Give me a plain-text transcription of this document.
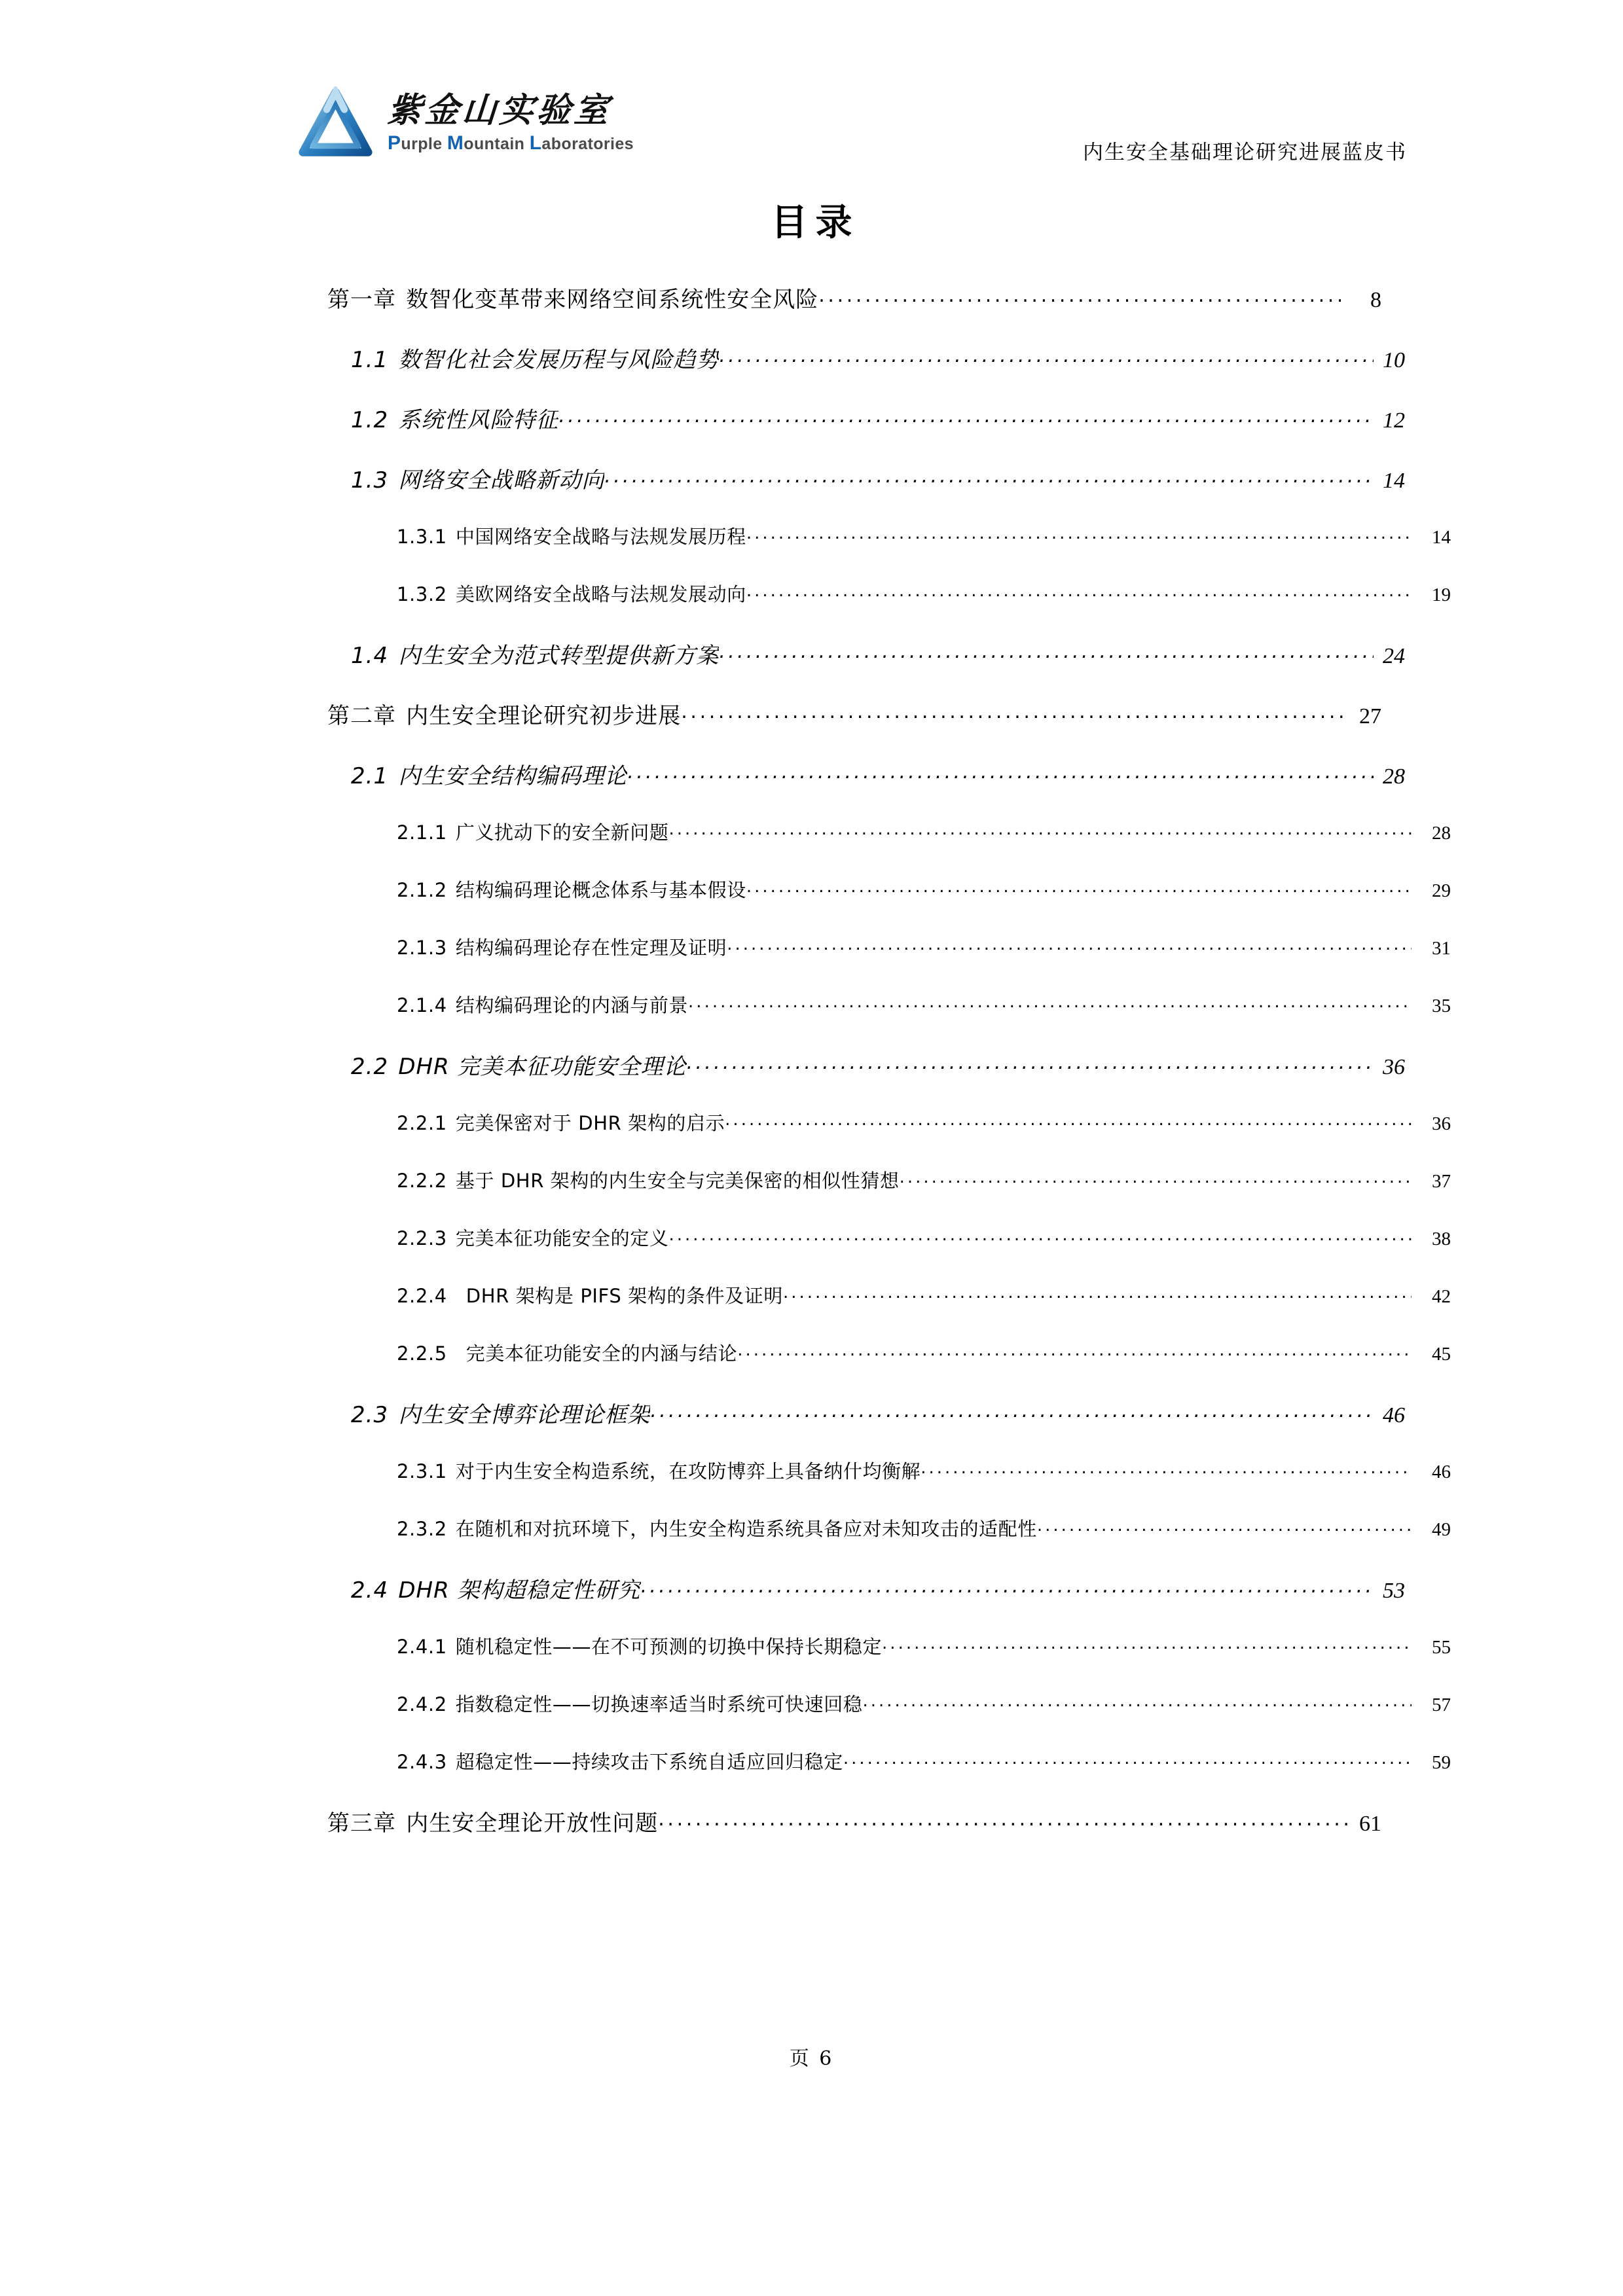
紫金山实验室
Purple Mountain Laboratories	内生安全基础理论研究进展蓝皮书
目录
第一章 数智化变革带来网络空间系统性安全风险 .....	8
1.1 数智化社会发展历程与风险趋势 .....	10
1.2 系统性风险特征 .....	12
1.3 网络安全战略新动向 .....	14
1.3.1 中国网络安全战略与法规发展历程 .....	14
1.3.2 美欧网络安全战略与法规发展动向 .....	19
1.4 内生安全为范式转型提供新方案 .....	24
第二章 内生安全理论研究初步进展 .....	27
2.1 内生安全结构编码理论 .....	28
2.1.1 广义扰动下的安全新问题 .....	28
2.1.2 结构编码理论概念体系与基本假设 .....	29
2.1.3 结构编码理论存在性定理及证明 .....	31
2.1.4 结构编码理论的内涵与前景 .....	35
2.2 DHR 完美本征功能安全理论 .....	36
2.2.1 完美保密对于 DHR 架构的启示 .....	36
2.2.2 基于 DHR 架构的内生安全与完美保密的相似性猜想 .....	37
2.2.3 完美本征功能安全的定义 .....	38
2.2.4 DHR 架构是 PIFS 架构的条件及证明 .....	42
2.2.5 完美本征功能安全的内涵与结论 .....	45
2.3 内生安全博弈论理论框架 .....	46
2.3.1 对于内生安全构造系统，在攻防博弈上具备纳什均衡解 .....	46
2.3.2 在随机和对抗环境下，内生安全构造系统具备应对未知攻击的适配性 .....	49
2.4 DHR 架构超稳定性研究 .....	53
2.4.1 随机稳定性——在不可预测的切换中保持长期稳定 .....	55
2.4.2 指数稳定性——切换速率适当时系统可快速回稳 .....	57
2.4.3 超稳定性——持续攻击下系统自适应回归稳定 .....	59
第三章 内生安全理论开放性问题 .....	61
页 6
